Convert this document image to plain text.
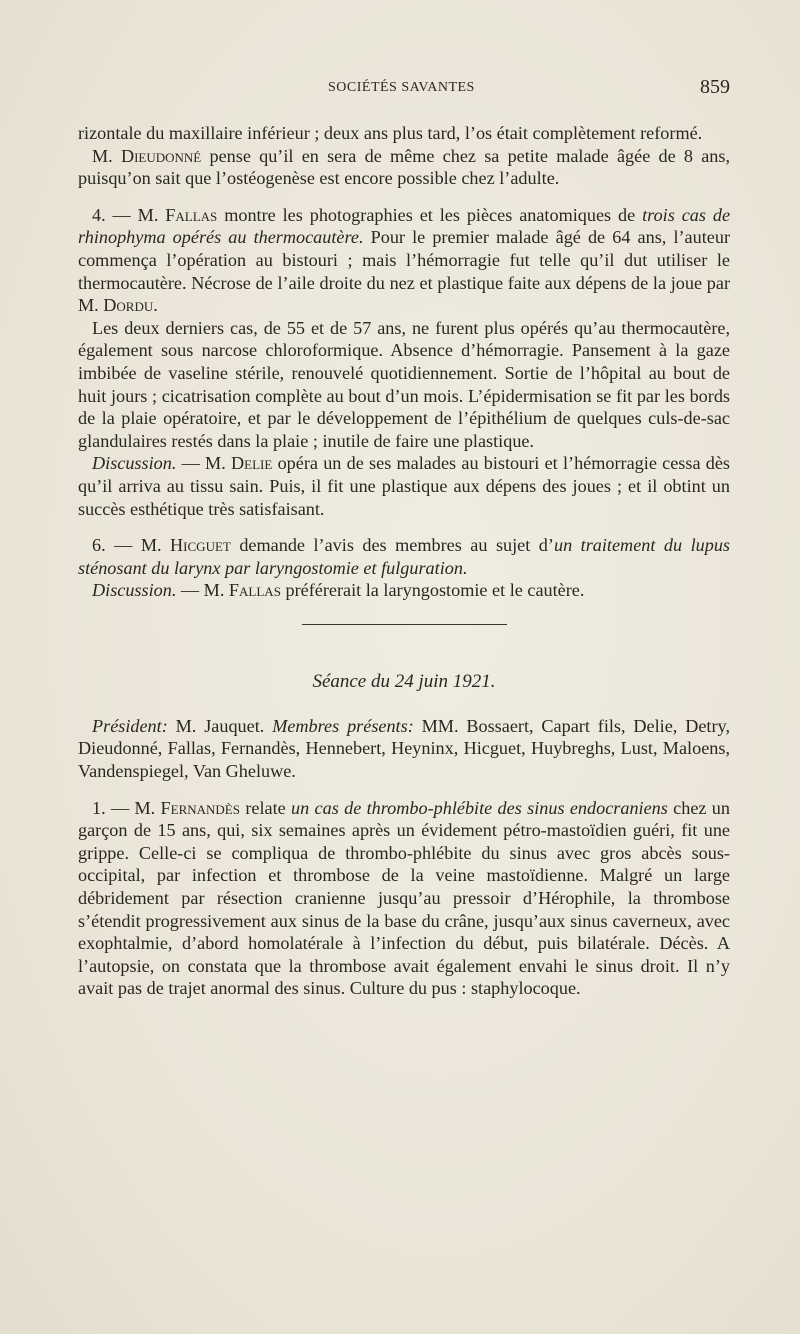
SOCIÉTÉS SAVANTES	859

rizontale du maxillaire inférieur ; deux ans plus tard, l’os était complètement reformé.

M. Dieudonné pense qu’il en sera de même chez sa petite malade âgée de 8 ans, puisqu’on sait que l’ostéogenèse est encore possible chez l’adulte.

4. — M. Fallas montre les photographies et les pièces anatomiques de trois cas de rhinophyma opérés au thermocautère. Pour le premier malade âgé de 64 ans, l’auteur commença l’opération au bistouri ; mais l’hémorragie fut telle qu’il dut utiliser le thermocautère. Nécrose de l’aile droite du nez et plastique faite aux dépens de la joue par M. Dordu.

Les deux derniers cas, de 55 et de 57 ans, ne furent plus opérés qu’au thermocautère, également sous narcose chloroformique. Absence d’hémorragie. Pansement à la gaze imbibée de vaseline stérile, renouvelé quotidiennement. Sortie de l’hôpital au bout de huit jours ; cicatrisation complète au bout d’un mois. L’épidermisation se fit par les bords de la plaie opératoire, et par le développement de l’épithélium de quelques culs-de-sac glandulaires restés dans la plaie ; inutile de faire une plastique.

Discussion. — M. Delie opéra un de ses malades au bistouri et l’hémorragie cessa dès qu’il arriva au tissu sain. Puis, il fit une plastique aux dépens des joues ; et il obtint un succès esthétique très satisfaisant.

6. — M. Hicguet demande l’avis des membres au sujet d’un traitement du lupus sténosant du larynx par laryngostomie et fulguration.

Discussion. — M. Fallas préférerait la laryngostomie et le cautère.

Séance du 24 juin 1921.

Président: M. Jauquet. Membres présents: MM. Bossaert, Capart fils, Delie, Detry, Dieudonné, Fallas, Fernandès, Hennebert, Heyninx, Hicguet, Huybreghs, Lust, Maloens, Vandenspiegel, Van Gheluwe.

1. — M. Fernandès relate un cas de thrombo-phlébite des sinus endocraniens chez un garçon de 15 ans, qui, six semaines après un évidement pétro-mastoïdien guéri, fit une grippe. Celle-ci se compliqua de thrombo-phlébite du sinus avec gros abcès sous-occipital, par infection et thrombose de la veine mastoïdienne. Malgré un large débridement par résection cranienne jusqu’au pressoir d’Hérophile, la thrombose s’étendit progressivement aux sinus de la base du crâne, jusqu’aux sinus caverneux, avec exophtalmie, d’abord homolatérale à l’infection du début, puis bilatérale. Décès. A l’autopsie, on constata que la thrombose avait également envahi le sinus droit. Il n’y avait pas de trajet anormal des sinus. Culture du pus : staphylocoque.
